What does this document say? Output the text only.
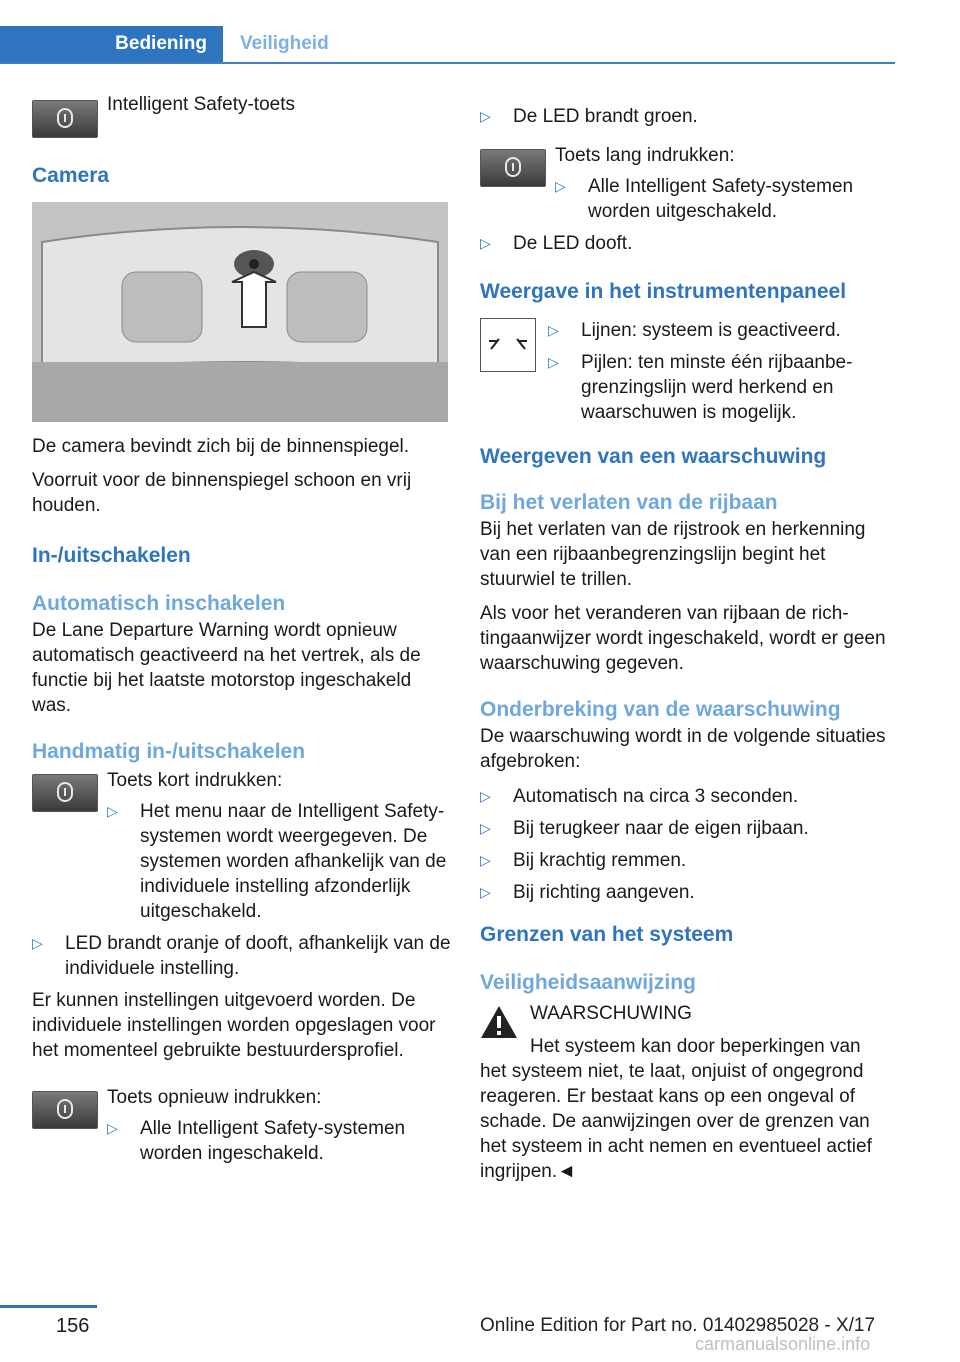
Bediening Veiligheid

Intelligent Safety-toets

Camera

De camera bevindt zich bij de binnenspiegel.

Voorruit voor de binnenspiegel schoon en vrij houden.

In-/uitschakelen

Automatisch inschakelen

De Lane Departure Warning wordt opnieuw automatisch geactiveerd na het vertrek, als de functie bij het laatste motorstop ingeschakeld was.

Handmatig in-/uitschakelen

Toets kort indrukken:

▷ Het menu naar de Intelligent Safety-systemen wordt weergegeven. De systemen worden afhankelijk van de individuele instelling afzonderlijk uitgeschakeld.
▷ LED brandt oranje of dooft, afhankelijk van de individuele instelling.

Er kunnen instellingen uitgevoerd worden. De individuele instellingen worden opgeslagen voor het momenteel gebruikte bestuurdersprofiel.

Toets opnieuw indrukken:

▷ Alle Intelligent Safety-systemen worden ingeschakeld.
▷ De LED brandt groen.

Toets lang indrukken:

▷ Alle Intelligent Safety-systemen worden uitgeschakeld.
▷ De LED dooft.

Weergave in het instrumentenpaneel

▷ Lijnen: systeem is geactiveerd.
▷ Pijlen: ten minste één rijbaanbegrenzingslijn werd herkend en waarschuwen is mogelijk.

Weergeven van een waarschuwing

Bij het verlaten van de rijbaan

Bij het verlaten van de rijstrook en herkenning van een rijbaanbegrenzingslijn begint het stuurwiel te trillen.

Als voor het veranderen van rijbaan de richtingaanwijzer wordt ingeschakeld, wordt er geen waarschuwing gegeven.

Onderbreking van de waarschuwing

De waarschuwing wordt in de volgende situaties afgebroken:

▷ Automatisch na circa 3 seconden.
▷ Bij terugkeer naar de eigen rijbaan.
▷ Bij krachtig remmen.
▷ Bij richting aangeven.

Grenzen van het systeem

Veiligheidsaanwijzing

WAARSCHUWING

Het systeem kan door beperkingen van

het systeem niet, te laat, onjuist of ongegrond reageren. Er bestaat kans op een ongeval of schade. De aanwijzingen over de grenzen van het systeem in acht nemen en eventueel actief ingrijpen.◄

156	Online Edition for Part no. 01402985028 - X/17
carmanualsonline.info
